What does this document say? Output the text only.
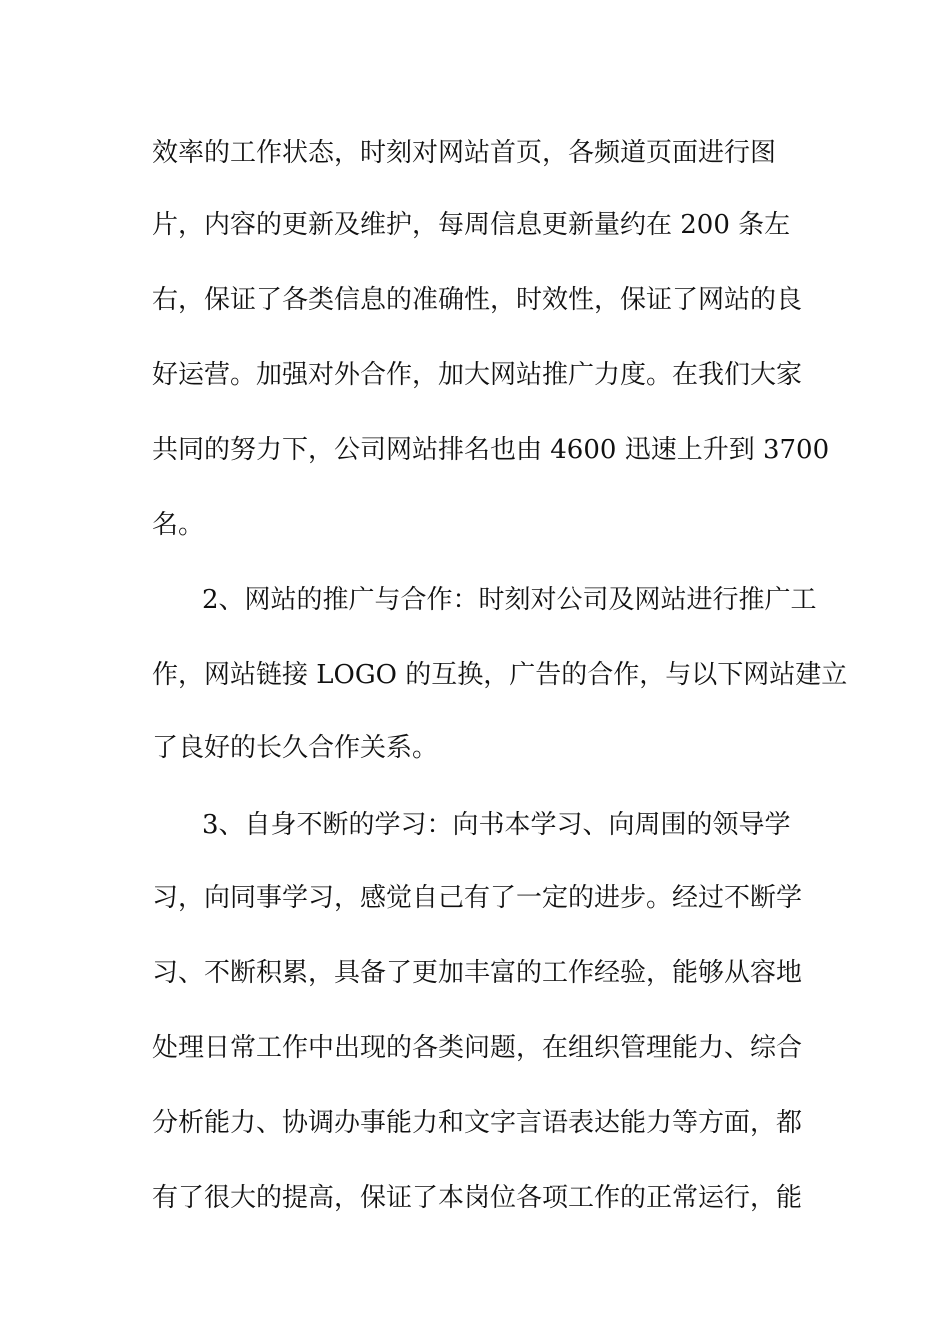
效率的工作状态，时刻对网站首页，各频道页面进行图
片，内容的更新及维护，每周信息更新量约在 200 条左
右，保证了各类信息的准确性，时效性，保证了网站的良
好运营。加强对外合作，加大网站推广力度。在我们大家
共同的努力下，公司网站排名也由 4600 迅速上升到 3700
名。
2、网站的推广与合作：时刻对公司及网站进行推广工
作，网站链接 LOGO 的互换，广告的合作，与以下网站建立
了良好的长久合作关系。
3、自身不断的学习：向书本学习、向周围的领导学
习，向同事学习，感觉自己有了一定的进步。经过不断学
习、不断积累，具备了更加丰富的工作经验，能够从容地
处理日常工作中出现的各类问题，在组织管理能力、综合
分析能力、协调办事能力和文字言语表达能力等方面，都
有了很大的提高，保证了本岗位各项工作的正常运行，能
